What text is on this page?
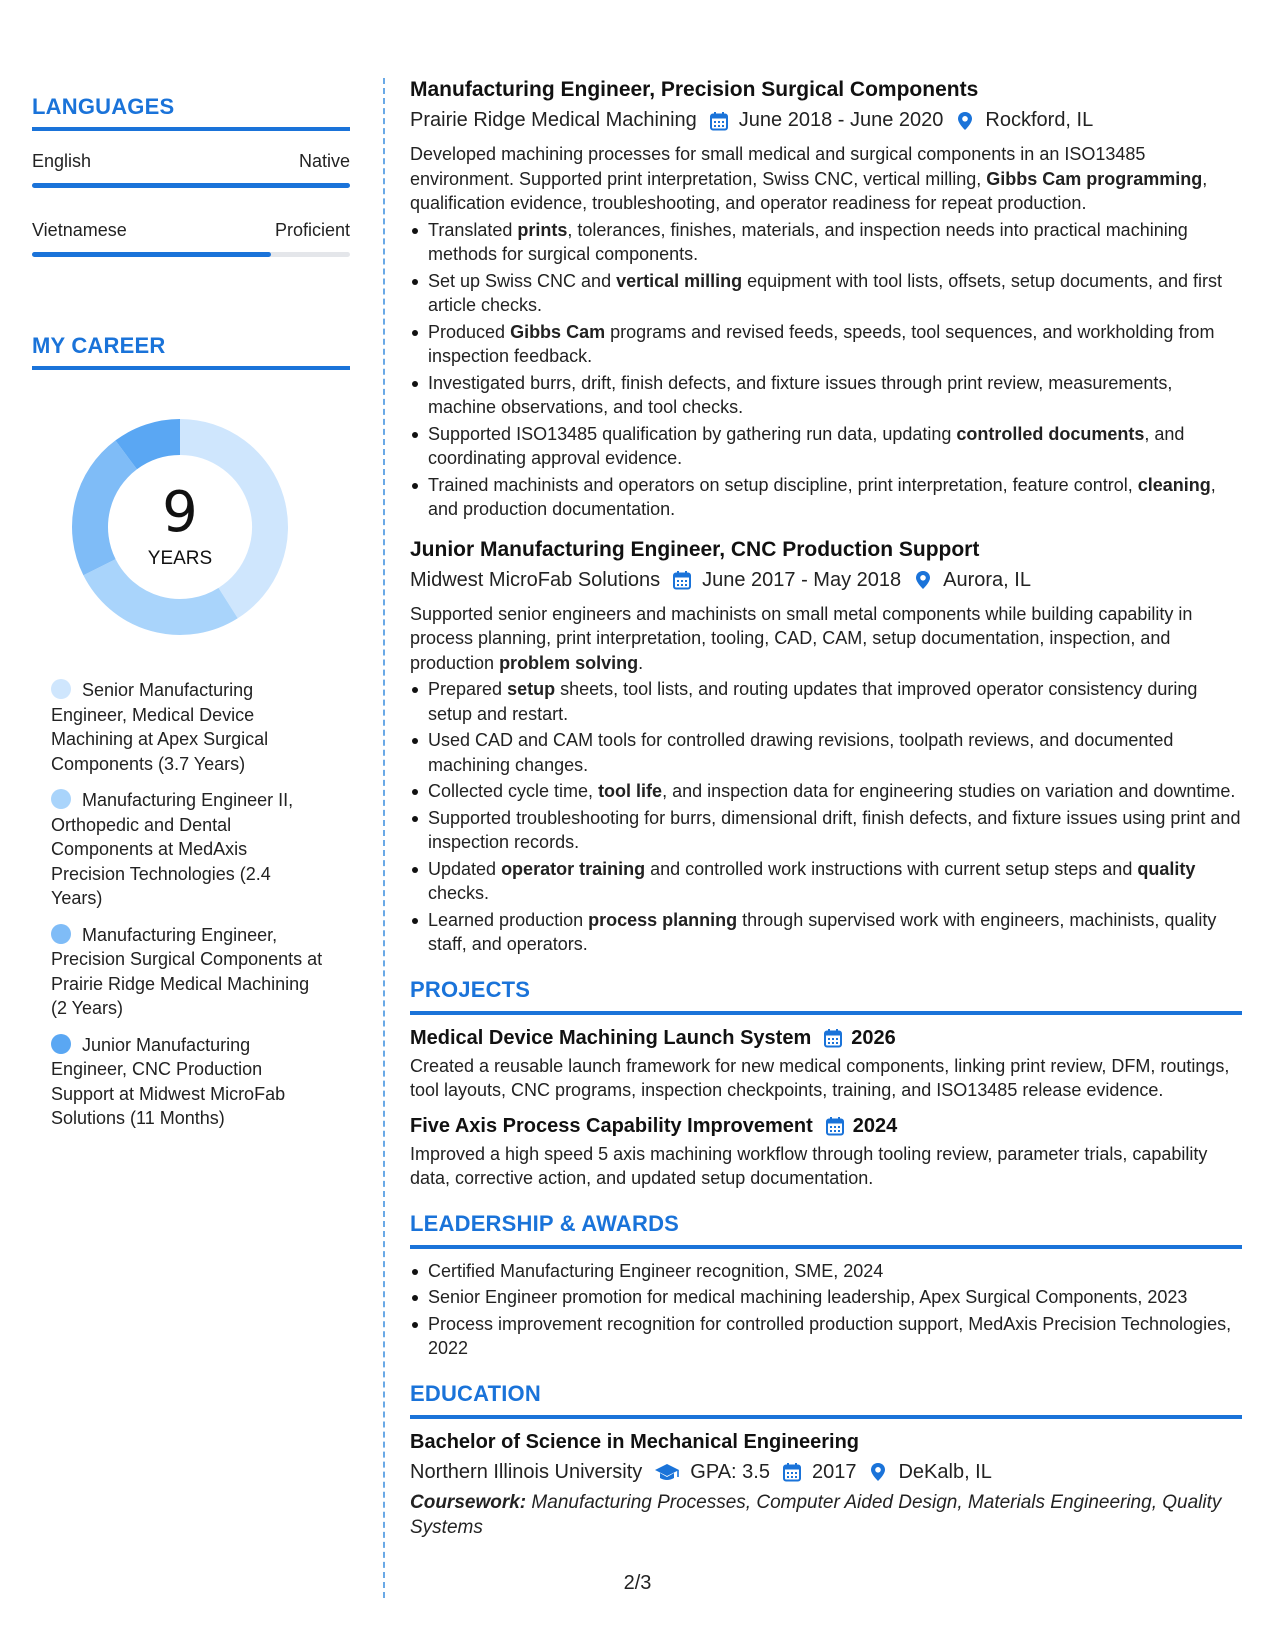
LANGUAGES
English	Native
Vietnamese	Proficient
MY CAREER
9
YEARS
Senior Manufacturing Engineer, Medical Device Machining at Apex Surgical Components (3.7 Years)
Manufacturing Engineer II, Orthopedic and Dental Components at MedAxis Precision Technologies (2.4 Years)
Manufacturing Engineer, Precision Surgical Components at Prairie Ridge Medical Machining (2 Years)
Junior Manufacturing Engineer, CNC Production Support at Midwest MicroFab Solutions (11 Months)
Manufacturing Engineer, Precision Surgical Components
Prairie Ridge Medical Machining June 2018 - June 2020 Rockford, IL
Developed machining processes for small medical and surgical components in an ISO13485 environment. Supported print interpretation, Swiss CNC, vertical milling, Gibbs Cam programming, qualification evidence, troubleshooting, and operator readiness for repeat production.
Translated prints, tolerances, finishes, materials, and inspection needs into practical machining methods for surgical components.
Set up Swiss CNC and vertical milling equipment with tool lists, offsets, setup documents, and first article checks.
Produced Gibbs Cam programs and revised feeds, speeds, tool sequences, and workholding from inspection feedback.
Investigated burrs, drift, finish defects, and fixture issues through print review, measurements, machine observations, and tool checks.
Supported ISO13485 qualification by gathering run data, updating controlled documents, and coordinating approval evidence.
Trained machinists and operators on setup discipline, print interpretation, feature control, cleaning, and production documentation.
Junior Manufacturing Engineer, CNC Production Support
Midwest MicroFab Solutions June 2017 - May 2018 Aurora, IL
Supported senior engineers and machinists on small metal components while building capability in process planning, print interpretation, tooling, CAD, CAM, setup documentation, inspection, and production problem solving.
Prepared setup sheets, tool lists, and routing updates that improved operator consistency during setup and restart.
Used CAD and CAM tools for controlled drawing revisions, toolpath reviews, and documented machining changes.
Collected cycle time, tool life, and inspection data for engineering studies on variation and downtime.
Supported troubleshooting for burrs, dimensional drift, finish defects, and fixture issues using print and inspection records.
Updated operator training and controlled work instructions with current setup steps and quality checks.
Learned production process planning through supervised work with engineers, machinists, quality staff, and operators.
PROJECTS
Medical Device Machining Launch System 2026
Created a reusable launch framework for new medical components, linking print review, DFM, routings, tool layouts, CNC programs, inspection checkpoints, training, and ISO13485 release evidence.
Five Axis Process Capability Improvement 2024
Improved a high speed 5 axis machining workflow through tooling review, parameter trials, capability data, corrective action, and updated setup documentation.
LEADERSHIP & AWARDS
Certified Manufacturing Engineer recognition, SME, 2024
Senior Engineer promotion for medical machining leadership, Apex Surgical Components, 2023
Process improvement recognition for controlled production support, MedAxis Precision Technologies, 2022
EDUCATION
Bachelor of Science in Mechanical Engineering
Northern Illinois University GPA: 3.5 2017 DeKalb, IL
Coursework: Manufacturing Processes, Computer Aided Design, Materials Engineering, Quality Systems
2/3
